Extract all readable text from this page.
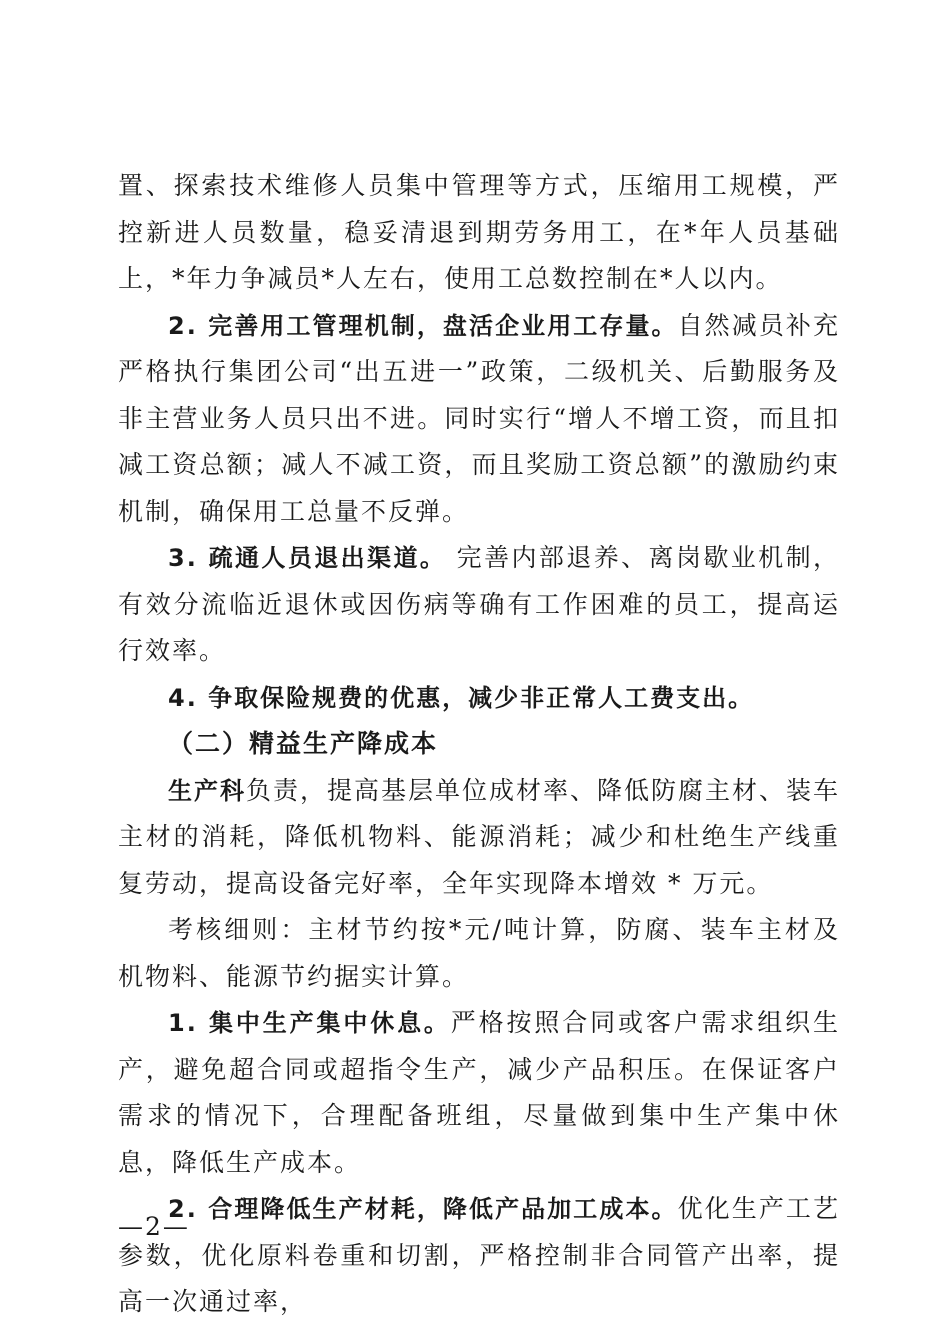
置、探索技术维修人员集中管理等方式，压缩用工规模，严控新进人员数量，稳妥清退到期劳务用工，在*年人员基础上，*年力争减员*人左右，使用工总数控制在*人以内。

2. 完善用工管理机制，盘活企业用工存量。自然减员补充严格执行集团公司“出五进一”政策，二级机关、后勤服务及非主营业务人员只出不进。同时实行“增人不增工资，而且扣减工资总额；减人不减工资，而且奖励工资总额”的激励约束机制，确保用工总量不反弹。

3. 疏通人员退出渠道。 完善内部退养、离岗歇业机制，有效分流临近退休或因伤病等确有工作困难的员工，提高运行效率。

4. 争取保险规费的优惠，减少非正常人工费支出。

（二）精益生产降成本

生产科负责，提高基层单位成材率、降低防腐主材、装车主材的消耗，降低机物料、能源消耗；减少和杜绝生产线重复劳动，提高设备完好率，全年实现降本增效 * 万元。

考核细则：主材节约按*元/吨计算，防腐、装车主材及机物料、能源节约据实计算。

1. 集中生产集中休息。严格按照合同或客户需求组织生产，避免超合同或超指令生产，减少产品积压。在保证客户需求的情况下，合理配备班组，尽量做到集中生产集中休息，降低生产成本。

2. 合理降低生产材耗，降低产品加工成本。优化生产工艺参数，优化原料卷重和切割，严格控制非合同管产出率，提高一次通过率，

—2—
